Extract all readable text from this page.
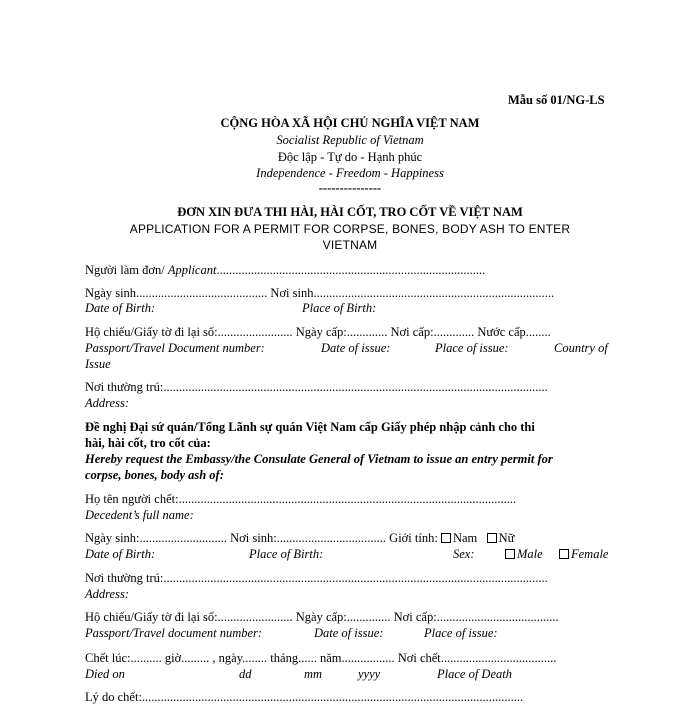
Mẫu số 01/NG-LS
CỘNG HÒA XÃ HỘI CHỦ NGHĨA VIỆT NAM
Socialist Republic of Vietnam
Độc lập - Tự do - Hạnh phúc
Independence - Freedom - Happiness
---------------
ĐƠN XIN ĐƯA THI HÀI, HÀI CỐT, TRO CỐT VỀ VIỆT NAM
APPLICATION FOR A PERMIT FOR CORPSE, BONES, BODY ASH TO ENTER
VIETNAM
Người làm đơn/ Applicant......................................................................................
Ngày sinh.......................................... Nơi sinh.............................................................................
Date of Birth:	Place of Birth:
Hộ chiếu/Giấy tờ đi lại số:........................ Ngày cấp:............. Nơi cấp:............. Nước cấp........
Passport/Travel Document number:	Date of issue:	Place of issue:	Country of
Issue
Nơi thường trú:...........................................................................................................................
Address:
Đề nghị Đại sứ quán/Tổng Lãnh sự quán Việt Nam cấp Giấy phép nhập cảnh cho thi
hài, hài cốt, tro cốt của:
Hereby request the Embassy/the Consulate General of Vietnam to issue an entry permit for
corpse, bones, body ash of:
Họ tên người chết:............................................................................................................
Decedent’s full name:
Ngày sinh:............................ Nơi sinh:................................... Giới tính: Nam Nữ
Date of Birth:	Place of Birth:	Sex:	Male	Female
Nơi thường trú:...........................................................................................................................
Address:
Hộ chiếu/Giấy tờ đi lại số:........................ Ngày cấp:.............. Nơi cấp:.......................................
Passport/Travel document number:	Date of issue:	Place of issue:
Chết lúc:.......... giờ......... , ngày........ tháng...... năm................. Nơi chết.....................................
Died on	dd	mm	yyyy	Place of Death
Lý do chết:..........................................................................................................................
